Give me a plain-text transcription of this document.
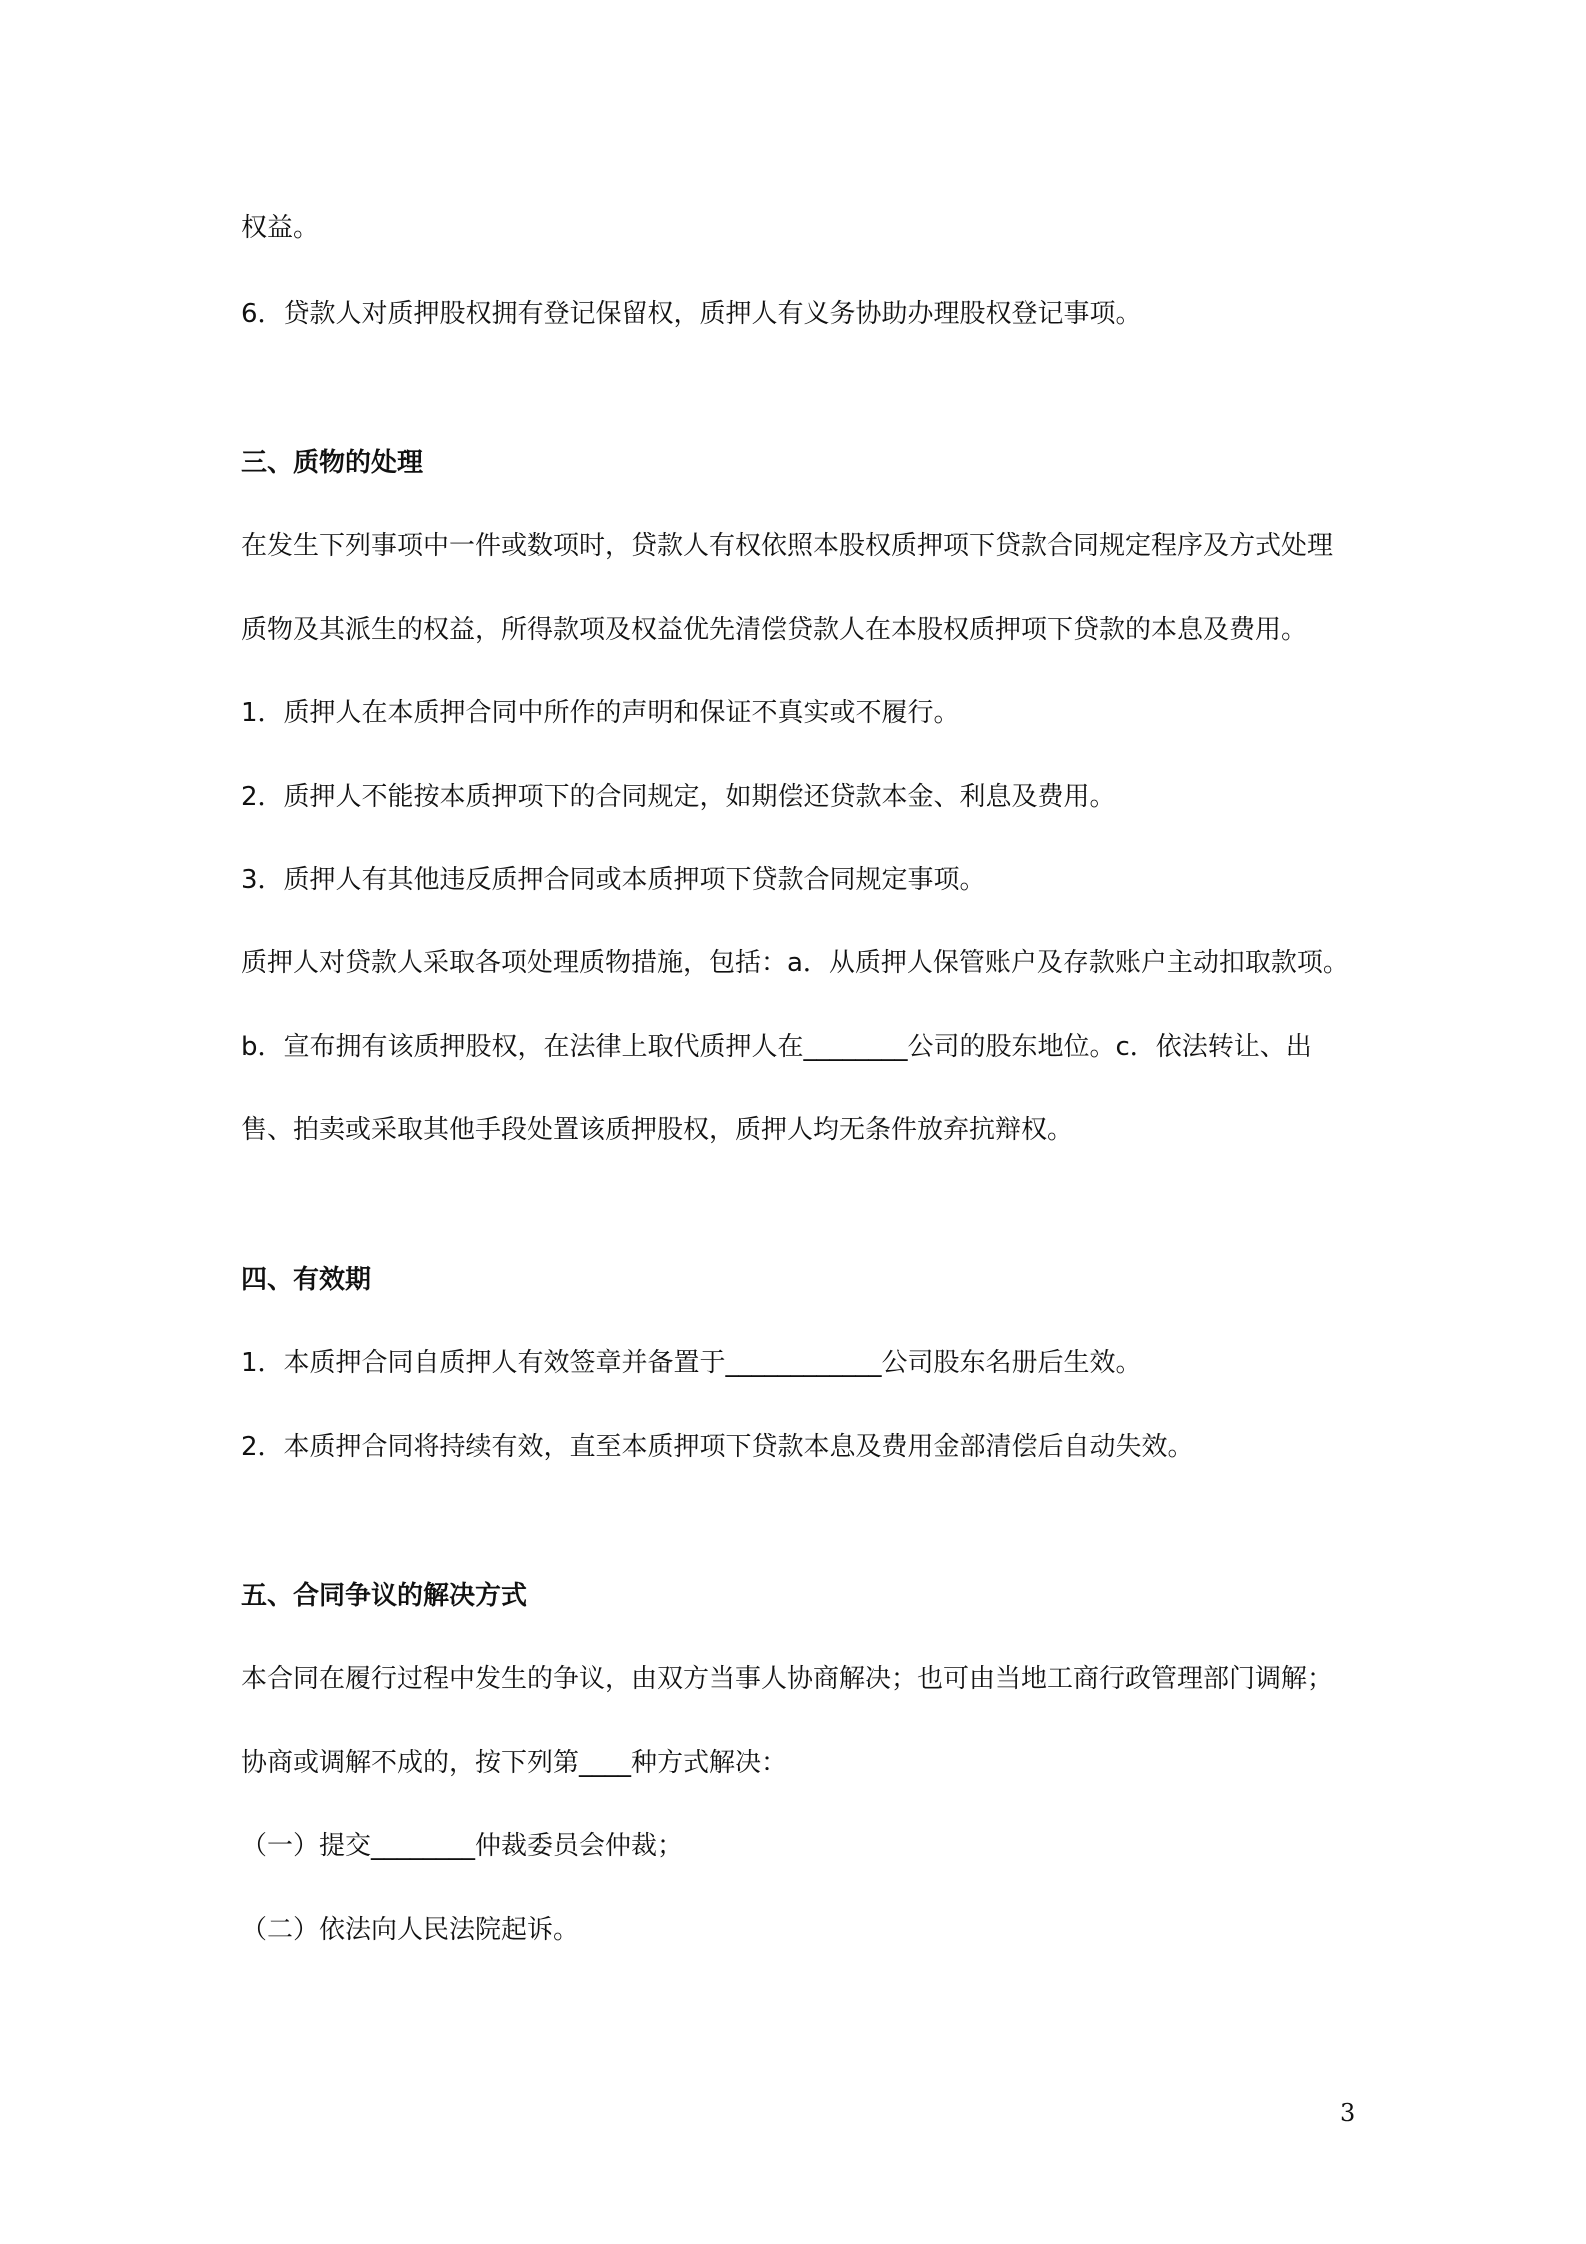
权益。
6．贷款人对质押股权拥有登记保留权，质押人有义务协助办理股权登记事项。
三、质物的处理
在发生下列事项中一件或数项时，贷款人有权依照本股权质押项下贷款合同规定程序及方式处理
质物及其派生的权益，所得款项及权益优先清偿贷款人在本股权质押项下贷款的本息及费用。
1．质押人在本质押合同中所作的声明和保证不真实或不履行。
2．质押人不能按本质押项下的合同规定，如期偿还贷款本金、利息及费用。
3．质押人有其他违反质押合同或本质押项下贷款合同规定事项。
质押人对贷款人采取各项处理质物措施，包括：a．从质押人保管账户及存款账户主动扣取款项。
b．宣布拥有该质押股权，在法律上取代质押人在________公司的股东地位。c．依法转让、出
售、拍卖或采取其他手段处置该质押股权，质押人均无条件放弃抗辩权。
四、有效期
1．本质押合同自质押人有效签章并备置于____________公司股东名册后生效。
2．本质押合同将持续有效，直至本质押项下贷款本息及费用金部清偿后自动失效。
五、合同争议的解决方式
本合同在履行过程中发生的争议，由双方当事人协商解决；也可由当地工商行政管理部门调解；
协商或调解不成的，按下列第____种方式解决：
（一）提交________仲裁委员会仲裁；
（二）依法向人民法院起诉。
3
